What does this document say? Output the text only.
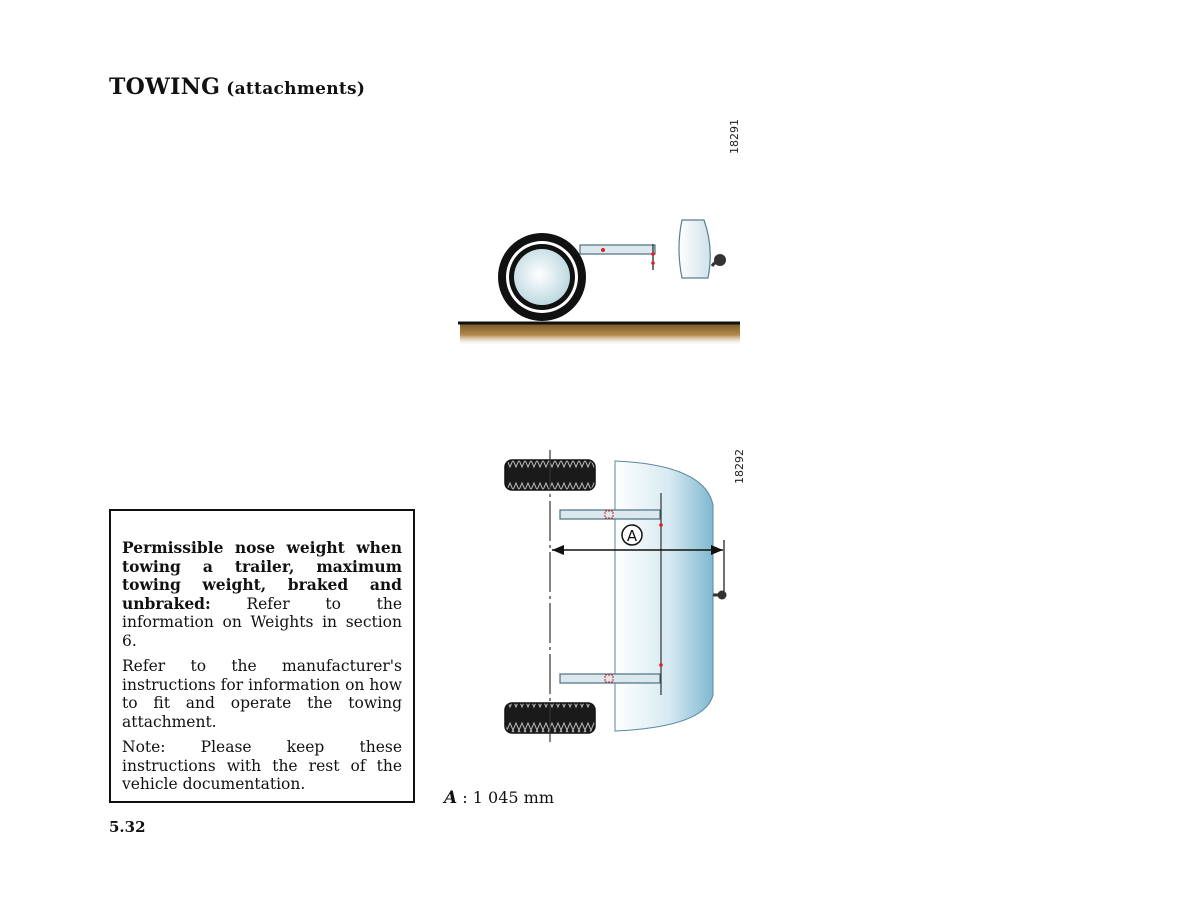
TOWING (attachments)
18291
A
18292

Permissible nose weight when towing a trailer, maximum towing weight, braked and unbraked: Refer to the information on Weights in section 6.

Refer to the manufacturer's instructions for information on how to fit and operate the towing attachment.

Note: Please keep these instructions with the rest of the vehicle documentation.

A : 1 045 mm
5.32
